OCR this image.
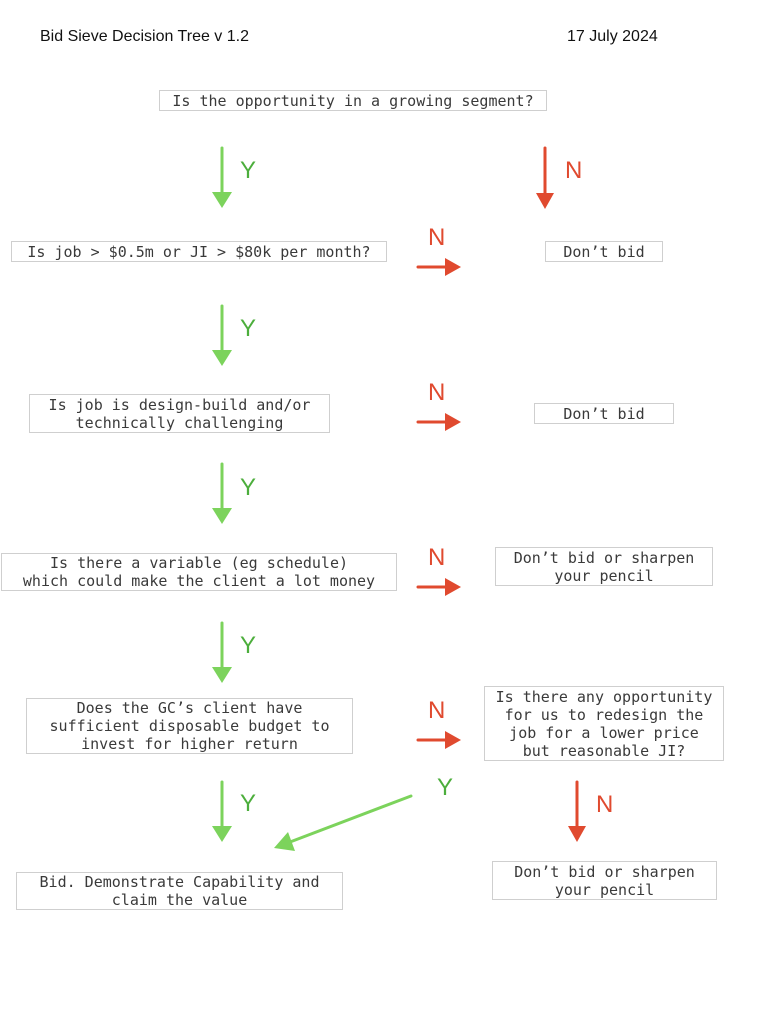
Bid Sieve Decision Tree v 1.2	17 July 2024
Is the opportunity in a growing segment?
Is job > $0.5m or JI > $80k per month?
Is job is design-build and/or
technically challenging
Is there a variable (eg schedule)
which could make the client a lot money
Does the GC’s client have
sufficient disposable budget to
invest for higher return
Is there any opportunity
for us to redesign the
job for a lower price
but reasonable JI?
Don’t bid
Don’t bid
Don’t bid or sharpen
your pencil
Don’t bid or sharpen
your pencil
Bid. Demonstrate Capability and
claim the value
Y
Y
Y
Y
Y
Y
N
N
N
N
N
N
